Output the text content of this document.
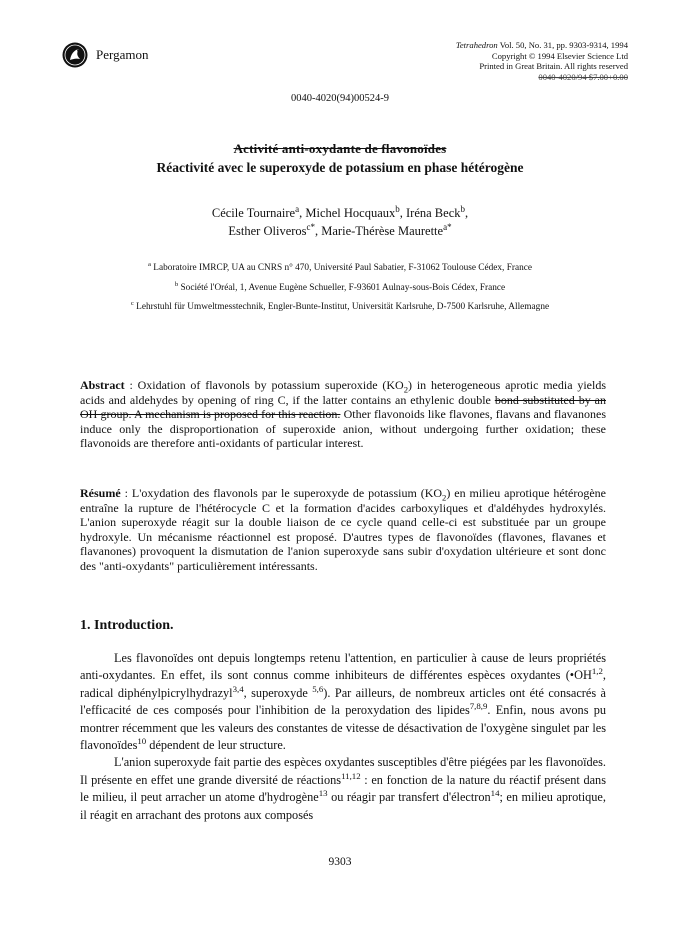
Pergamon
Tetrahedron Vol. 50, No. 31, pp. 9303-9314, 1994
Copyright © 1994 Elsevier Science Ltd
Printed in Great Britain. All rights reserved
0040-4020/94 $7.00+0.00
0040-4020(94)00524-9
Activité anti-oxydante de flavonoïdes
Réactivité avec le superoxyde de potassium en phase hétérogène
Cécile Tournaire$^a$, Michel Hocquaux$^b$, Iréna Beck$^b$,
Esther Oliveros$^{c*}$, Marie-Thérèse Maurette$^{a*}$
$^a$ Laboratoire IMRCP, UA au CNRS n° 470, Université Paul Sabatier, F-31062 Toulouse Cédex, France
$^b$ Société l'Oréal, 1, Avenue Eugène Schueller, F-93601 Aulnay-sous-Bois Cédex, France
$^c$ Lehrstuhl für Umweltmesstechnik, Engler-Bunte-Institut, Universität Karlsruhe, D-7500 Karlsruhe, Allemagne
Abstract : Oxidation of flavonols by potassium superoxide $(KO_2)$ in heterogeneous aprotic media yields acids and aldehydes by opening of ring C, if the latter contains an ethylenic double bond substituted by an OH group. A mechanism is proposed for this reaction. Other flavonoids like flavones, flavans and flavanones induce only the disproportionation of superoxide anion, without undergoing further oxidation; these flavonoids are therefore anti-oxidants of particular interest.
Résumé : L'oxydation des flavonols par le superoxyde de potassium $(KO_2)$ en milieu aprotique hétérogène entraîne la rupture de l'hétérocycle C et la formation d'acides carboxyliques et d'aldéhydes hydroxylés. L'anion superoxyde réagit sur la double liaison de ce cycle quand celle-ci est substituée par un groupe hydroxyle. Un mécanisme réactionnel est proposé. D'autres types de flavonoïdes (flavones, flavanes et flavanones) provoquent la dismutation de l'anion superoxyde sans subir d'oxydation ultérieure et sont donc des "anti-oxydants" particulièrement intéressants.
1. Introduction.

Les flavonoïdes ont depuis longtemps retenu l'attention, en particulier à cause de leurs propriétés anti-oxydantes. En effet, ils sont connus comme inhibiteurs de différentes espèces oxydantes (•OH$^{1,2}$, radical diphénylpicrylhydrazyl$^{3,4}$, superoxyde $^{5,6}$). Par ailleurs, de nombreux articles ont été consacrés à l'efficacité de ces composés pour l'inhibition de la peroxydation des lipides$^{7,8,9}$. Enfin, nous avons pu montrer récemment que les valeurs des constantes de vitesse de désactivation de l'oxygène singulet par les flavonoïdes$^{10}$ dépendent de leur structure.

L'anion superoxyde fait partie des espèces oxydantes susceptibles d'être piégées par les flavonoïdes. Il présente en effet une grande diversité de réactions$^{11,12}$ : en fonction de la nature du réactif présent dans le milieu, il peut arracher un atome d'hydrogène$^{13}$ ou réagir par transfert d'électron$^{14}$; en milieu aprotique, il réagit en arrachant des protons aux composés

9303
